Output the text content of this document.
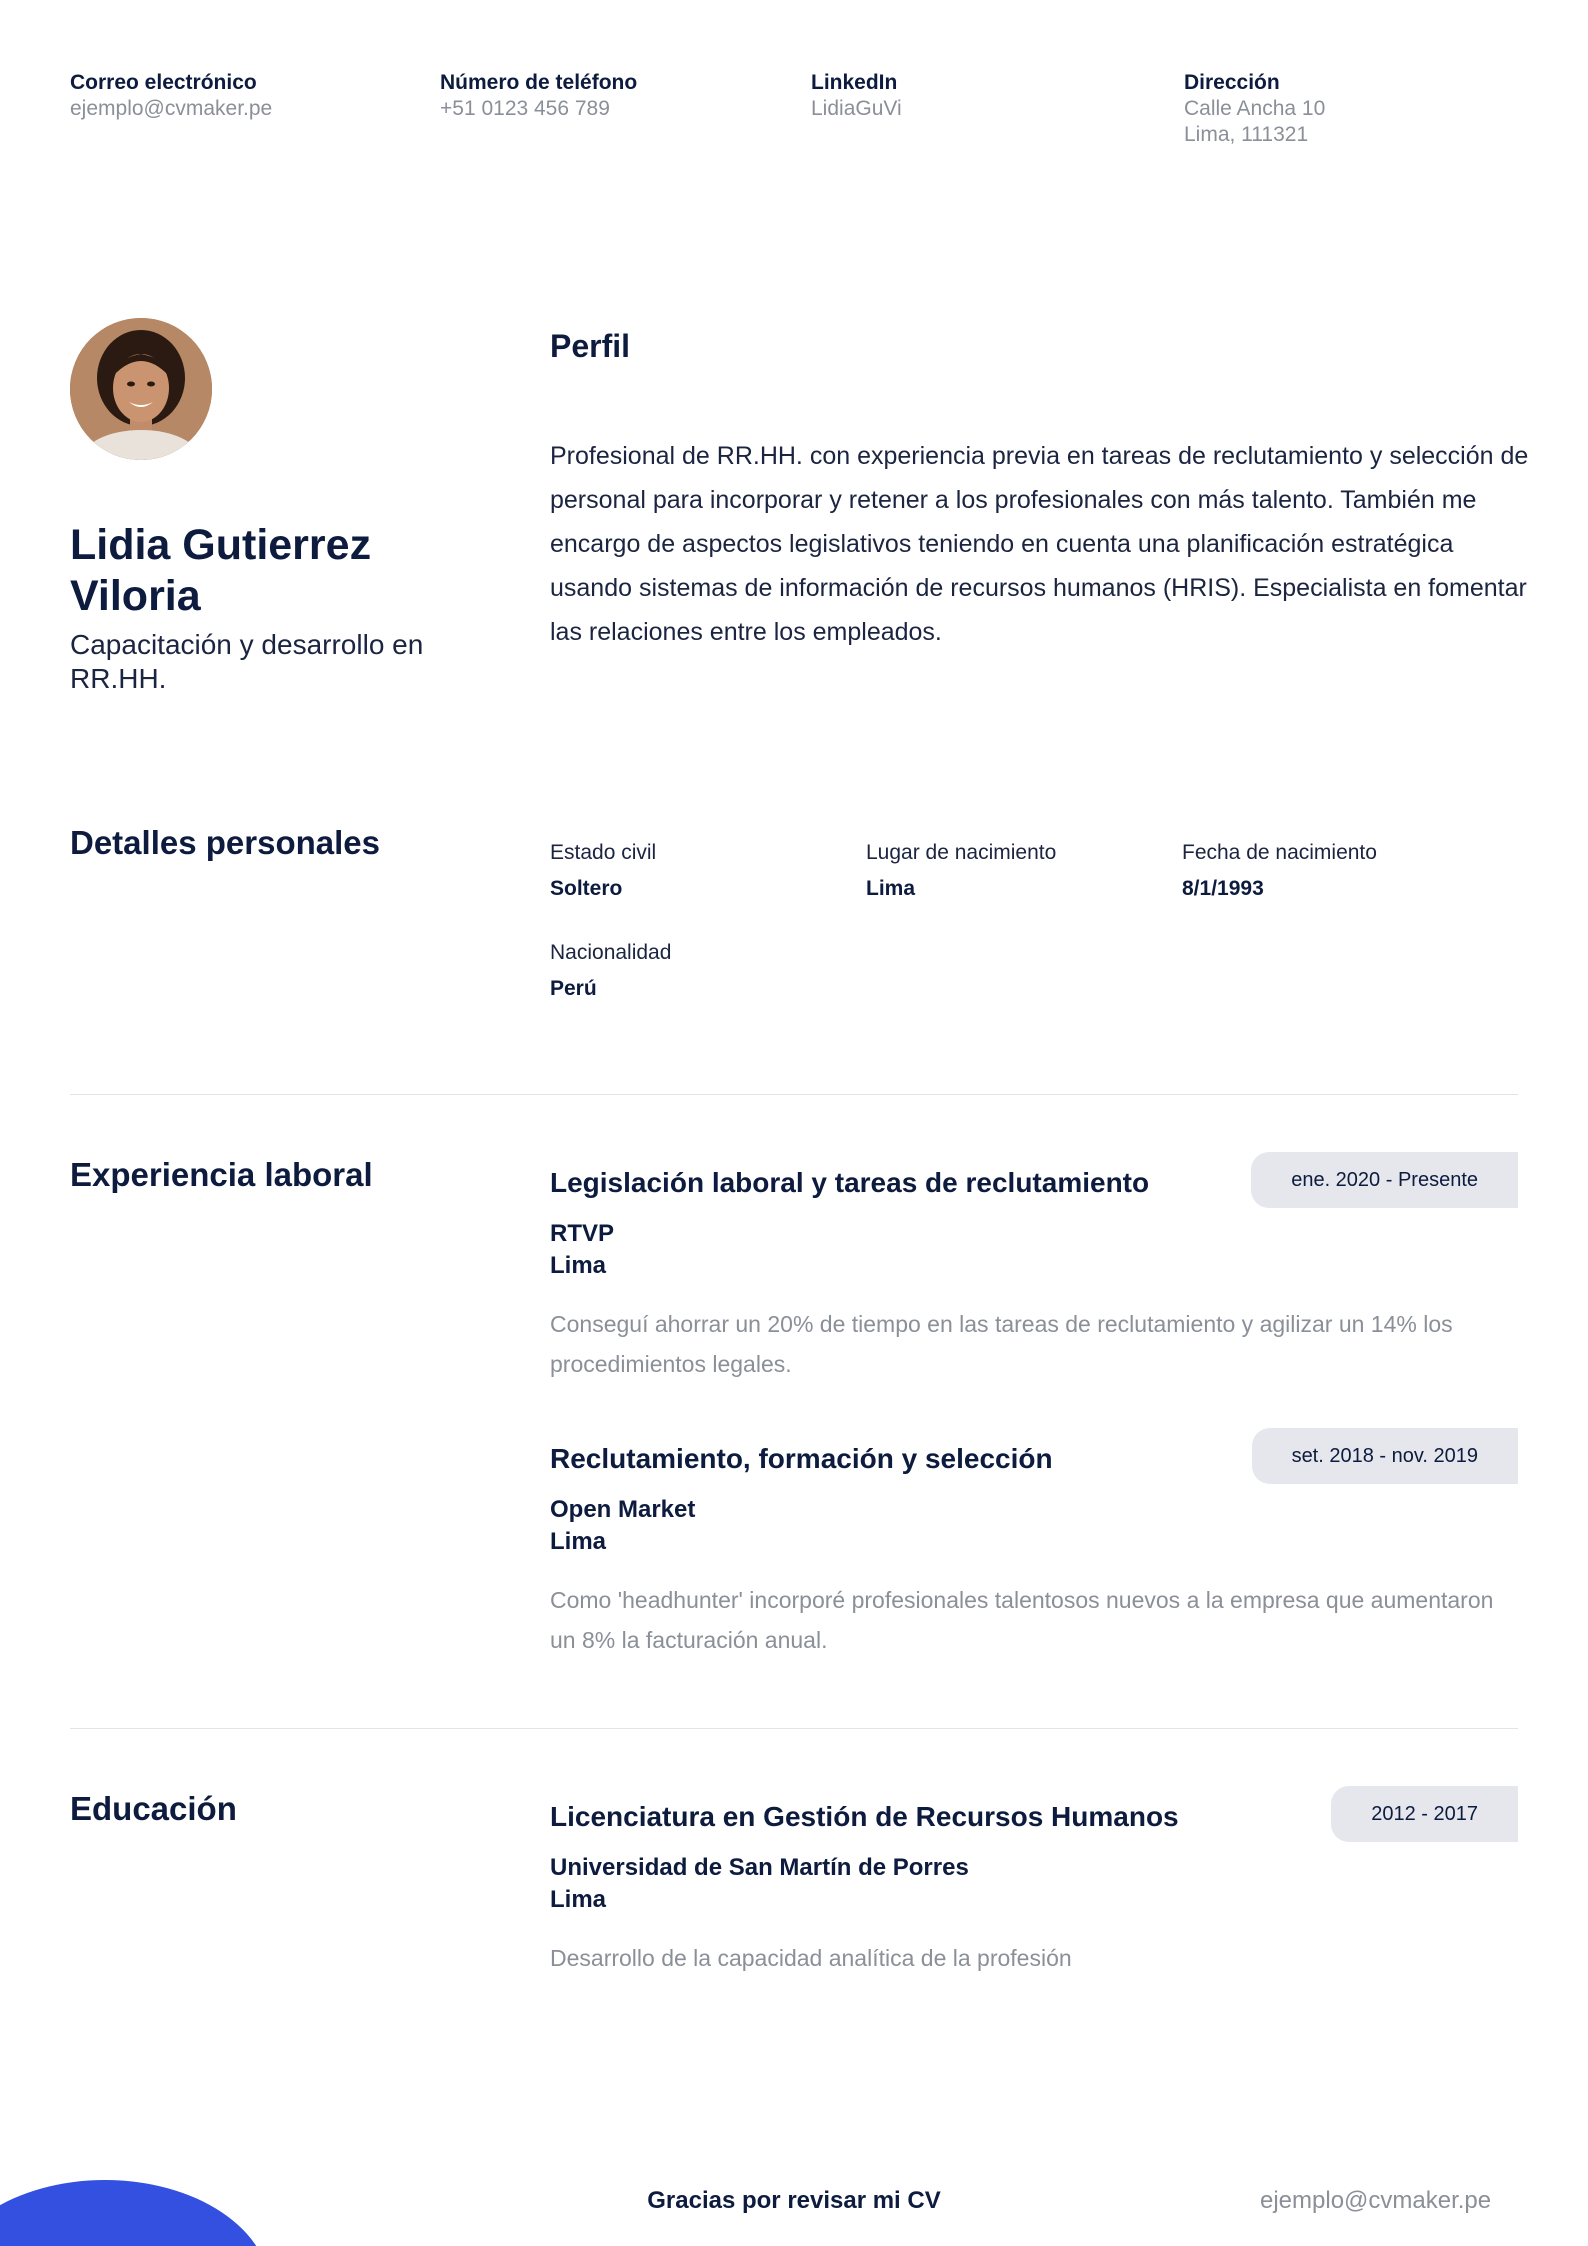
Correo electrónico
ejemplo@cvmaker.pe
Número de teléfono
+51 0123 456 789
LinkedIn
LidiaGuVi
Dirección
Calle Ancha 10
Lima, 111321
Lidia Gutierrez Viloria
Capacitación y desarrollo en RR.HH.
Perfil
Profesional de RR.HH. con experiencia previa en tareas de reclutamiento y selección de personal para incorporar y retener a los profesionales con más talento. También me encargo de aspectos legislativos teniendo en cuenta una planificación estratégica usando sistemas de información de recursos humanos (HRIS). Especialista en fomentar las relaciones entre los empleados.
Detalles personales	Estado civil
Soltero
Lugar de nacimiento
Lima
Fecha de nacimiento
8/1/1993
Nacionalidad
Perú
Experiencia laboral	Legislación laboral y tareas de reclutamiento	ene. 2020 - Presente
RTVP
Lima
Conseguí ahorrar un 20% de tiempo en las tareas de reclutamiento y agilizar un 14% los procedimientos legales.
Reclutamiento, formación y selección	set. 2018 - nov. 2019
Open Market
Lima
Como 'headhunter' incorporé profesionales talentosos nuevos a la empresa que aumentaron un 8% la facturación anual.
Educación	Licenciatura en Gestión de Recursos Humanos	2012 - 2017
Universidad de San Martín de Porres
Lima
Desarrollo de la capacidad analítica de la profesión
Gracias por revisar mi CV	ejemplo@cvmaker.pe
